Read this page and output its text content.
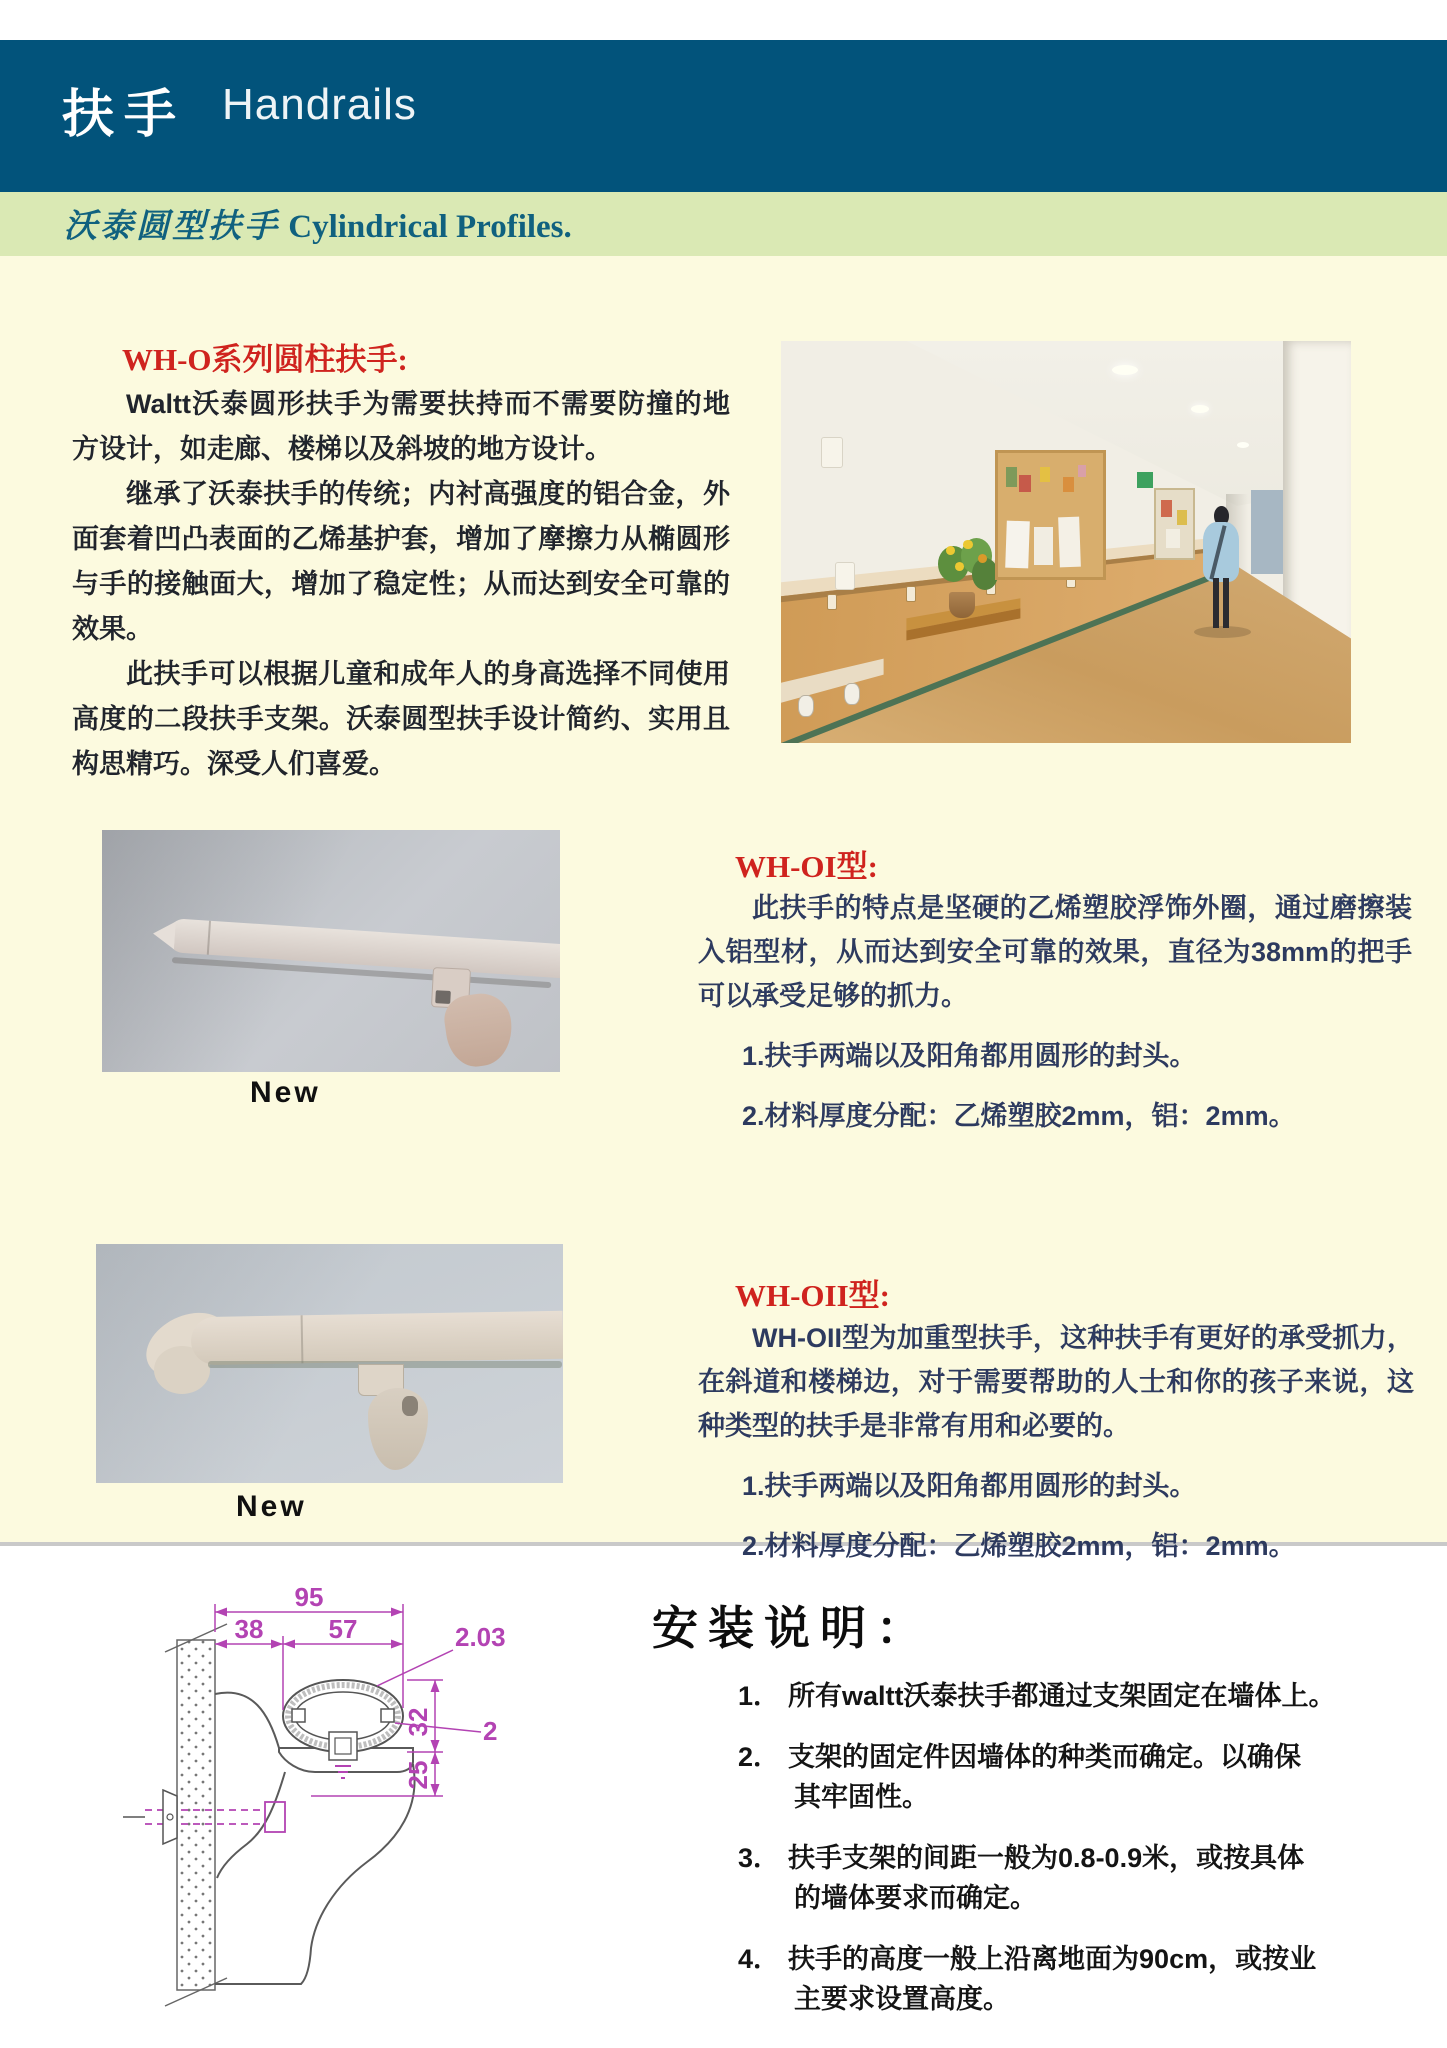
扶手 Handrails
沃泰圆型扶手 Cylindrical Profiles.
WH-O系列圆柱扶手:

Waltt沃泰圆形扶手为需要扶持而不需要防撞的地方设计，如走廊、楼梯以及斜坡的地方设计。

继承了沃泰扶手的传统；内衬高强度的铝合金，外面套着凹凸表面的乙烯基护套，增加了摩擦力从椭圆形与手的接触面大，增加了稳定性；从而达到安全可靠的效果。

此扶手可以根据儿童和成年人的身高选择不同使用高度的二段扶手支架。沃泰圆型扶手设计简约、实用且构思精巧。深受人们喜爱。

New
WH-OI型:

此扶手的特点是坚硬的乙烯塑胶浮饰外圈，通过磨擦装入铝型材，从而达到安全可靠的效果，直径为38mm的把手可以承受足够的抓力。

1.扶手两端以及阳角都用圆形的封头。
2.材料厚度分配：乙烯塑胶2mm，铝：2mm。
New
WH-OII型:

WH-OII型为加重型扶手，这种扶手有更好的承受抓力，在斜道和楼梯边，对于需要帮助的人士和你的孩子来说，这种类型的扶手是非常有用和必要的。

1.扶手两端以及阳角都用圆形的封头。
2.材料厚度分配：乙烯塑胶2mm，铝：2mm。
95
38	57	2.03
32
25
2
安装说明：
1． 所有waltt沃泰扶手都通过支架固定在墙体上。
2． 支架的固定件因墙体的种类而确定。以确保
其牢固性。
3． 扶手支架的间距一般为0.8-0.9米，或按具体
的墙体要求而确定。
4． 扶手的高度一般上沿离地面为90cm，或按业
主要求设置高度。
